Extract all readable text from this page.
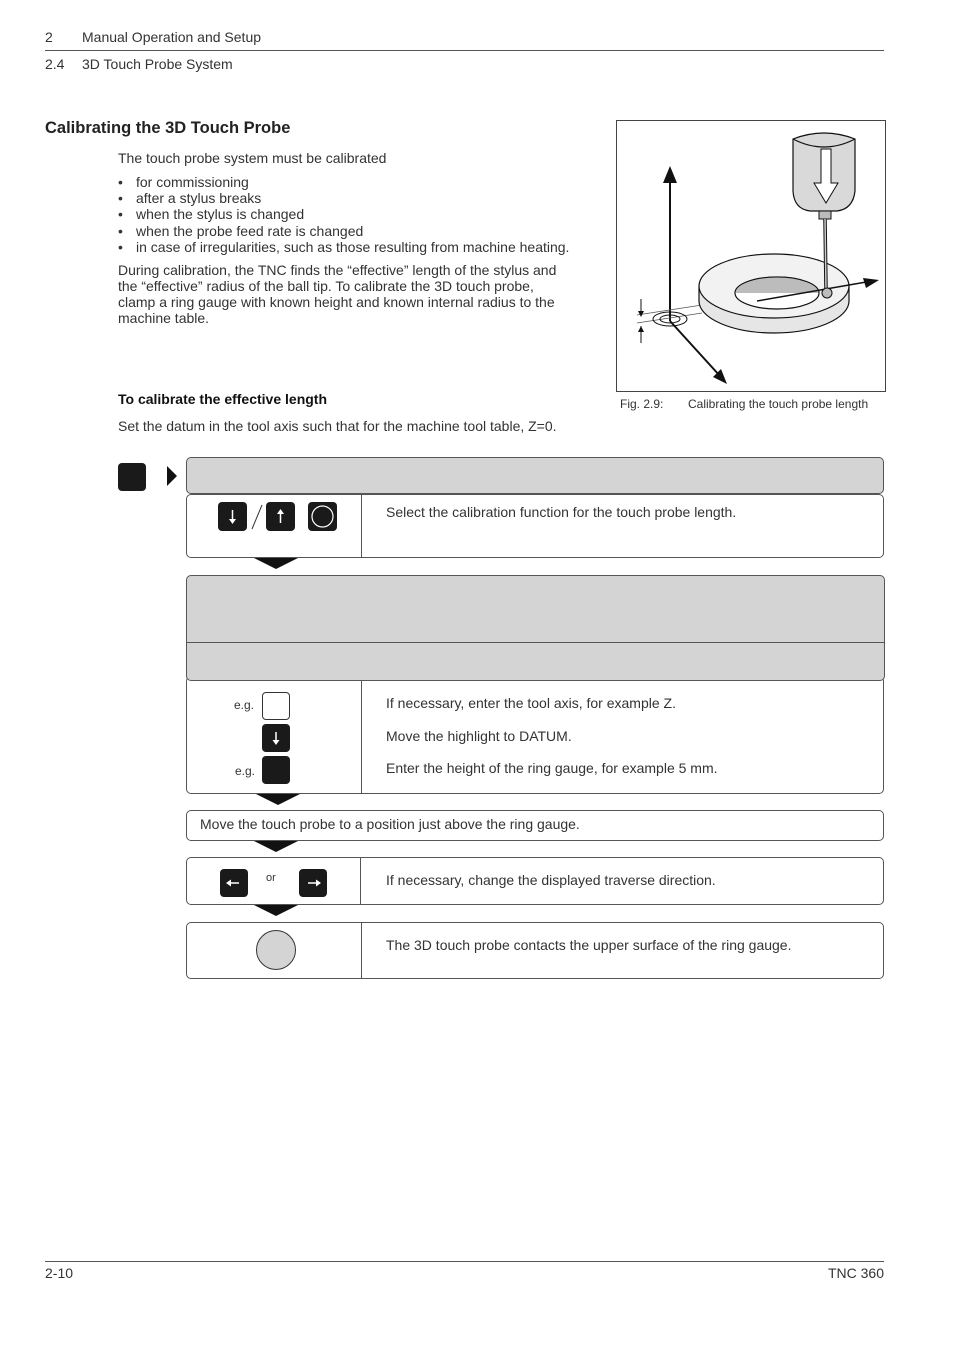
2 Manual Operation and Setup
2.4 3D Touch Probe System
Calibrating the 3D Touch Probe
The touch probe system must be calibrated
• for commissioning
• after a stylus breaks
• when the stylus is changed
• when the probe feed rate is changed
• in case of irregularities, such as those resulting from machine heating.
During calibration, the TNC finds the “effective” length of the stylus and
the “effective” radius of the ball tip. To calibrate the 3D touch probe,
clamp a ring gauge with known height and known internal radius to the
machine table.
Fig. 2.9: Calibrating the touch probe length
To calibrate the effective length
Set the datum in the tool axis such that for the machine tool table, Z=0.
Select the calibration function for the touch probe length.
e.g.	If necessary, enter the tool axis, for example Z.
Move the highlight to DATUM.
e.g.	Enter the height of the ring gauge, for example 5 mm.
Move the touch probe to a position just above the ring gauge.
or	If necessary, change the displayed traverse direction.
The 3D touch probe contacts the upper surface of the ring gauge.
2-10	TNC 360
